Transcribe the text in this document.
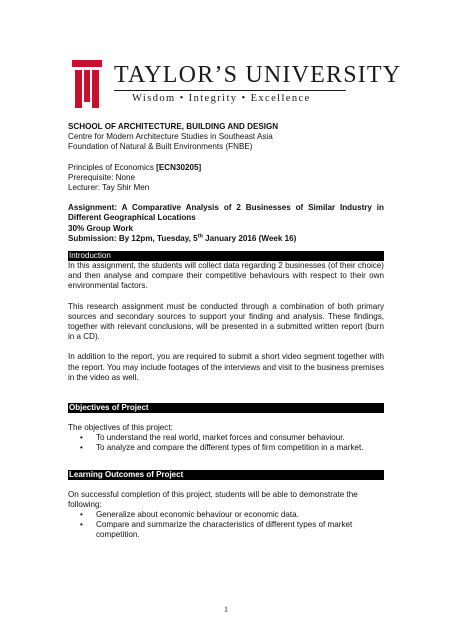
TAYLOR’S UNIVERSITY
Wisdom • Integrity • Excellence

SCHOOL OF ARCHITECTURE, BUILDING AND DESIGN

Centre for Modern Architecture Studies in Southeast Asia

Foundation of Natural & Built Environments (FNBE)

Principles of Economics [ECN30205]

Prerequisite: None

Lecturer: Tay Shir Men

Assignment: A Comparative Analysis of 2 Businesses of Similar Industry in Different Geographical Locations

30% Group Work

Submission: By 12pm, Tuesday, 5th January 2016 (Week 16)

Introduction

In this assignment, the students will collect data regarding 2 businesses (of their choice) and then analyse and compare their competitive behaviours with respect to their own environmental factors.

This research assignment must be conducted through a combination of both primary sources and secondary sources to support your finding and analysis. These findings, together with relevant conclusions, will be presented in a submitted written report (burn in a CD).

In addition to the report, you are required to submit a short video segment together with the report. You may include footages of the interviews and visit to the business premises in the video as well.

Objectives of Project

The objectives of this project:

• To understand the real world, market forces and consumer behaviour.
• To analyze and compare the different types of firm competition in a market.
Learning Outcomes of Project

On successful completion of this project, students will be able to demonstrate the following:

• Generalize about economic behaviour or economic data.
• Compare and summarize the characteristics of different types of market competition.
1
